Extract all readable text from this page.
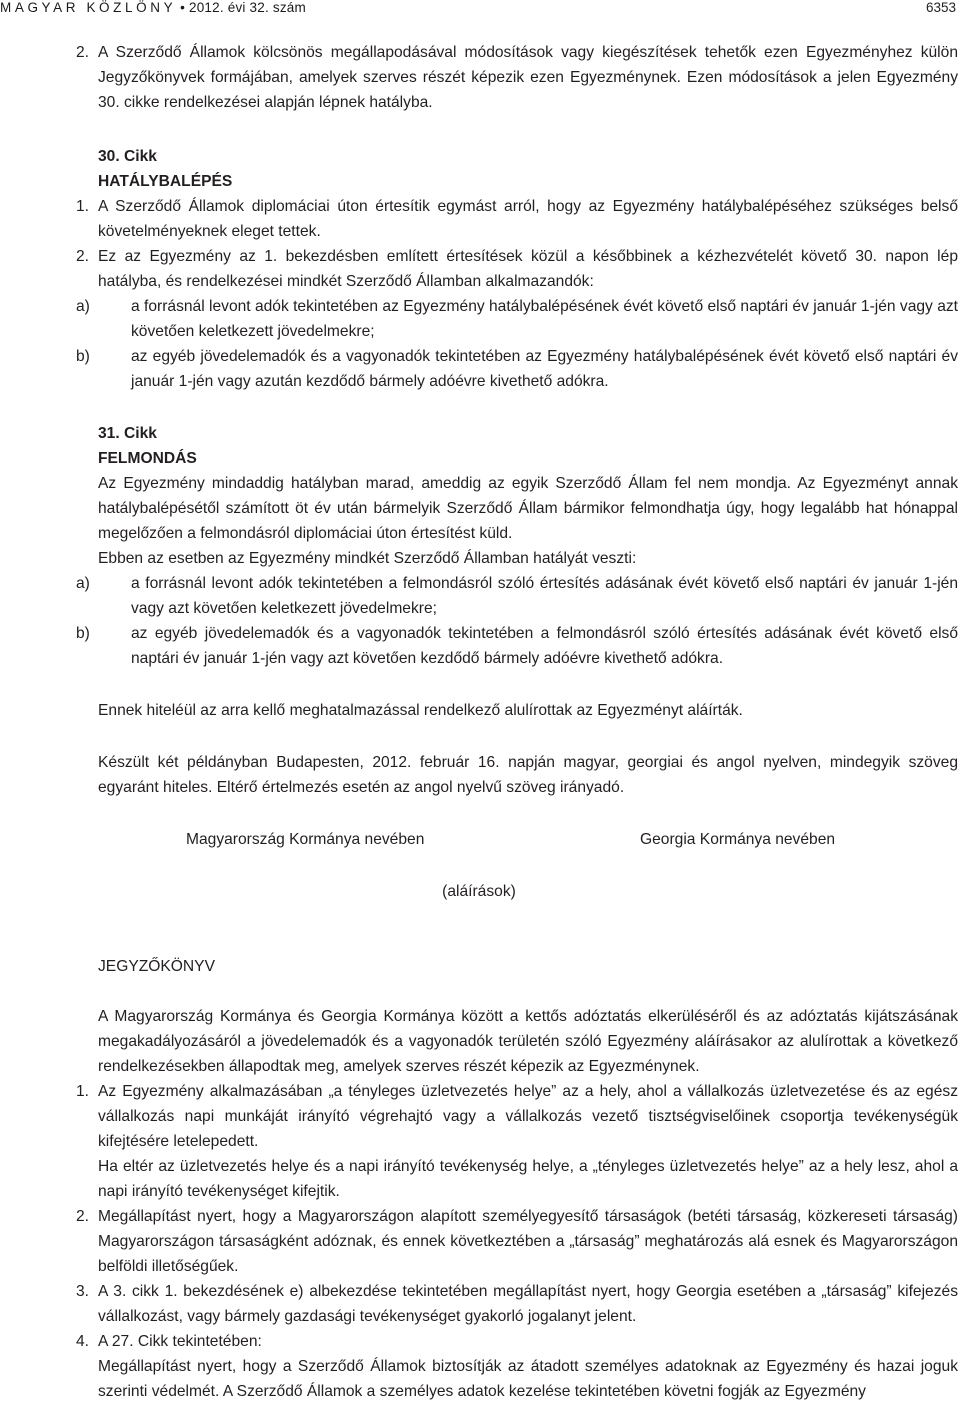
MAGYAR KÖZLÖNY • 2012. évi 32. szám	6353
2. A Szerződő Államok kölcsönös megállapodásával módosítások vagy kiegészítések tehetők ezen Egyezményhez külön Jegyzőkönyvek formájában, amelyek szerves részét képezik ezen Egyezménynek. Ezen módosítások a jelen Egyezmény 30. cikke rendelkezései alapján lépnek hatályba.
30. Cikk
HATÁLYBALÉPÉS
1. A Szerződő Államok diplomáciai úton értesítik egymást arról, hogy az Egyezmény hatálybalépéséhez szükséges belső követelményeknek eleget tettek.
2. Ez az Egyezmény az 1. bekezdésben említett értesítések közül a későbbinek a kézhezvételét követő 30. napon lép hatályba, és rendelkezései mindkét Szerződő Államban alkalmazandók:
a)	a forrásnál levont adók tekintetében az Egyezmény hatálybalépésének évét követő első naptári év január 1-jén vagy azt követően keletkezett jövedelmekre;
b)	az egyéb jövedelemadók és a vagyonadók tekintetében az Egyezmény hatálybalépésének évét követő első naptári év január 1-jén vagy azután kezdődő bármely adóévre kivethető adókra.
31. Cikk
FELMONDÁS
Az Egyezmény mindaddig hatályban marad, ameddig az egyik Szerződő Állam fel nem mondja. Az Egyezményt annak hatálybalépésétől számított öt év után bármelyik Szerződő Állam bármikor felmondhatja úgy, hogy legalább hat hónappal megelőzően a felmondásról diplomáciai úton értesítést küld.
Ebben az esetben az Egyezmény mindkét Szerződő Államban hatályát veszti:
a)	a forrásnál levont adók tekintetében a felmondásról szóló értesítés adásának évét követő első naptári év január 1-jén vagy azt követően keletkezett jövedelmekre;
b)	az egyéb jövedelemadók és a vagyonadók tekintetében a felmondásról szóló értesítés adásának évét követő első naptári év január 1-jén vagy azt követően kezdődő bármely adóévre kivethető adókra.
Ennek hiteléül az arra kellő meghatalmazással rendelkező alulírottak az Egyezményt aláírták.
Készült két példányban Budapesten, 2012. február 16. napján magyar, georgiai és angol nyelven, mindegyik szöveg egyaránt hiteles. Eltérő értelmezés esetén az angol nyelvű szöveg irányadó.
Magyarország Kormánya nevében	Georgia Kormánya nevében
(aláírások)
JEGYZŐKÖNYV
A Magyarország Kormánya és Georgia Kormánya között a kettős adóztatás elkerüléséről és az adóztatás kijátszásának megakadályozásáról a jövedelemadók és a vagyonadók területén szóló Egyezmény aláírásakor az alulírottak a következő rendelkezésekben állapodtak meg, amelyek szerves részét képezik az Egyezménynek.
1. Az Egyezmény alkalmazásában „a tényleges üzletvezetés helye” az a hely, ahol a vállalkozás üzletvezetése és az egész vállalkozás napi munkáját irányító végrehajtó vagy a vállalkozás vezető tisztségviselőinek csoportja tevékenységük kifejtésére letelepedett.
Ha eltér az üzletvezetés helye és a napi irányító tevékenység helye, a „tényleges üzletvezetés helye” az a hely lesz, ahol a napi irányító tevékenységet kifejtik.
2. Megállapítást nyert, hogy a Magyarországon alapított személyegyesítő társaságok (betéti társaság, közkereseti társaság) Magyarországon társaságként adóznak, és ennek következtében a „társaság” meghatározás alá esnek és Magyarországon belföldi illetőségűek.
3. A 3. cikk 1. bekezdésének e) albekezdése tekintetében megállapítást nyert, hogy Georgia esetében a „társaság” kifejezés vállalkozást, vagy bármely gazdasági tevékenységet gyakorló jogalanyt jelent.
4. A 27. Cikk tekintetében:
Megállapítást nyert, hogy a Szerződő Államok biztosítják az átadott személyes adatoknak az Egyezmény és hazai joguk szerinti védelmét. A Szerződő Államok a személyes adatok kezelése tekintetében követni fogják az Egyezmény
